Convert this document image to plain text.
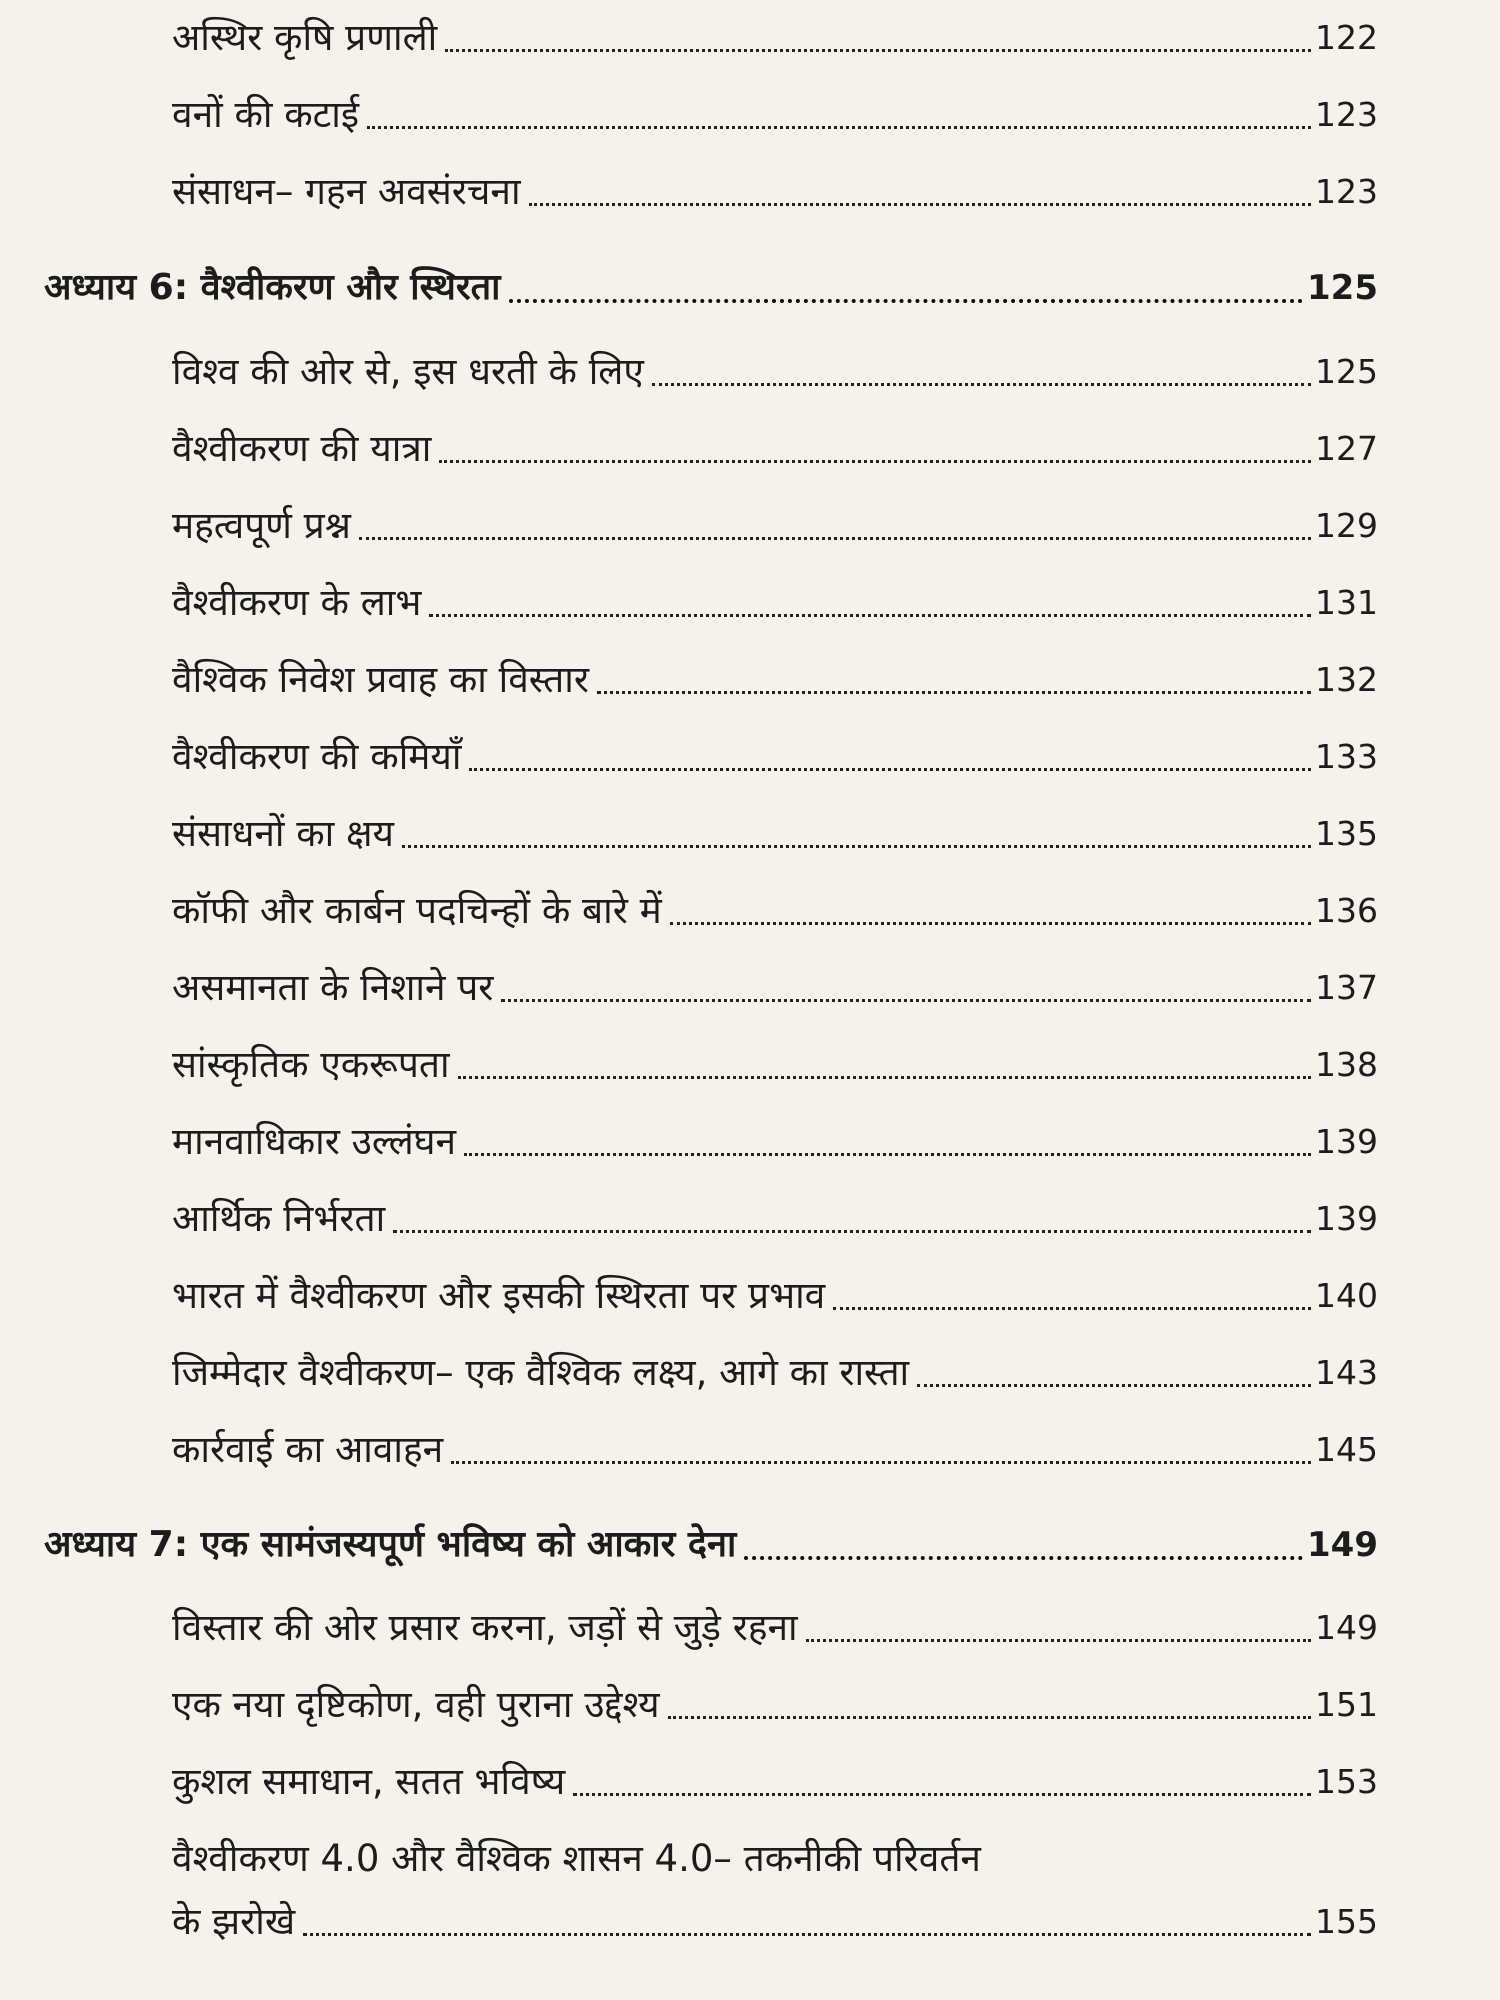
अस्थिर कृषि प्रणाली	122
वनों की कटाई	123
संसाधन– गहन अवसंरचना	123
अध्याय 6: वैश्वीकरण और स्थिरता	125
विश्व की ओर से, इस धरती के लिए	125
वैश्वीकरण की यात्रा	127
महत्वपूर्ण प्रश्न	129
वैश्वीकरण के लाभ	131
वैश्विक निवेश प्रवाह का विस्तार	132
वैश्वीकरण की कमियाँ	133
संसाधनों का क्षय	135
कॉफी और कार्बन पदचिन्हों के बारे में	136
असमानता के निशाने पर	137
सांस्कृतिक एकरूपता	138
मानवाधिकार उल्लंघन	139
आर्थिक निर्भरता	139
भारत में वैश्वीकरण और इसकी स्थिरता पर प्रभाव	140
जिम्मेदार वैश्वीकरण– एक वैश्विक लक्ष्य, आगे का रास्ता	143
कार्रवाई का आवाहन	145
अध्याय 7: एक सामंजस्यपूर्ण भविष्य को आकार देना	149
विस्तार की ओर प्रसार करना, जड़ों से जुड़े रहना	149
एक नया दृष्टिकोण, वही पुराना उद्देश्य	151
कुशल समाधान, सतत भविष्य	153
वैश्वीकरण 4.0 और वैश्विक शासन 4.0– तकनीकी परिवर्तन
के झरोखे	155
